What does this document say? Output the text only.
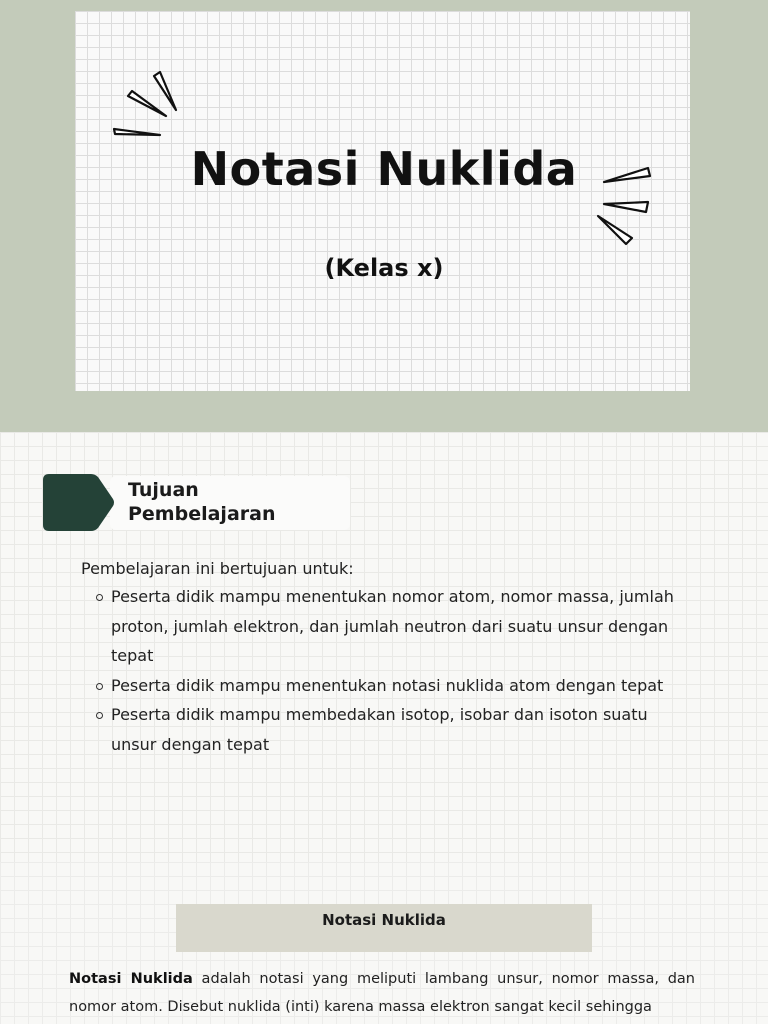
Notasi Nuklida
(Kelas x)
Tujuan
Pembelajaran
Pembelajaran ini bertujuan untuk:
Peserta didik mampu menentukan nomor atom, nomor massa, jumlah proton, jumlah elektron, dan jumlah neutron dari suatu unsur dengan tepat
Peserta didik mampu menentukan notasi nuklida atom dengan tepat
Peserta didik mampu membedakan isotop, isobar dan isoton suatu unsur dengan tepat
Notasi Nuklida

Notasi Nuklida adalah notasi yang meliputi lambang unsur, nomor massa, dan nomor atom. Disebut nuklida (inti) karena massa elektron sangat kecil sehingga
